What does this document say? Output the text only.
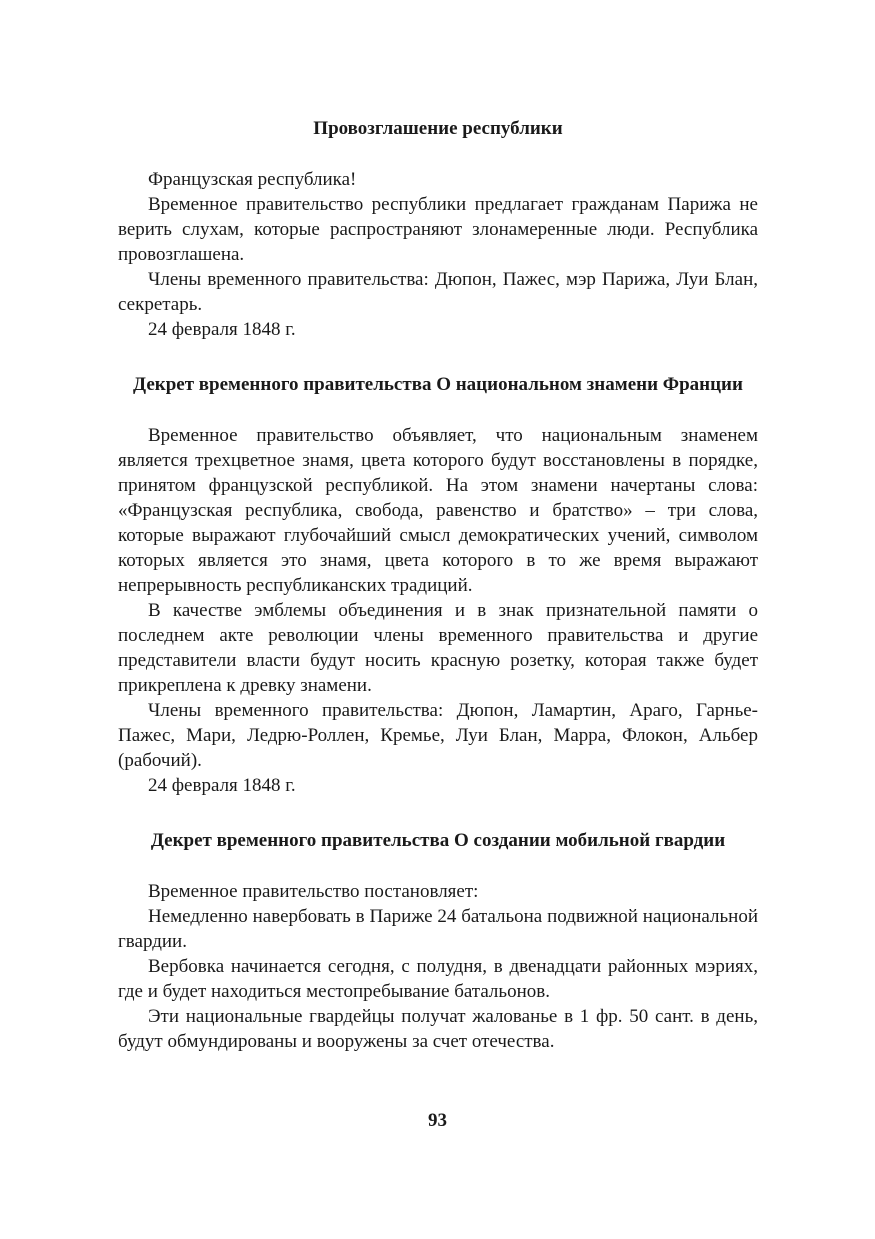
Провозглашение республики

Французская республика!

Временное правительство республики предлагает гражданам Парижа не верить слухам, которые распространяют злонамеренные люди. Республика провозглашена.

Члены временного правительства: Дюпон, Пажес, мэр Парижа, Луи Блан, секретарь.

24 февраля 1848 г.

Декрет временного правительства О национальном знамени Франции

Временное правительство объявляет, что национальным знаменем является трехцветное знамя, цвета которого будут восстановлены в порядке, принятом французской республикой. На этом знамени начертаны слова: «Французская республика, свобода, равенство и братство» – три слова, которые выражают глубочайший смысл демократических учений, символом которых является это знамя, цвета которого в то же время выражают непрерывность республиканских традиций.

В качестве эмблемы объединения и в знак признательной памяти о последнем акте революции члены временного правительства и другие представители власти будут носить красную розетку, которая также будет прикреплена к древку знамени.

Члены временного правительства: Дюпон, Ламартин, Араго, Гарнье-Пажес, Мари, Ледрю-Роллен, Кремье, Луи Блан, Марра, Флокон, Альбер (рабочий).

24 февраля 1848 г.

Декрет временного правительства О создании мобильной гвардии

Временное правительство постановляет:

Немедленно навербовать в Париже 24 батальона подвижной национальной гвардии.

Вербовка начинается сегодня, с полудня, в двенадцати районных мэриях, где и будет находиться местопребывание батальонов.

Эти национальные гвардейцы получат жалованье в 1 фр. 50 сант. в день, будут обмундированы и вооружены за счет отечества.

93
